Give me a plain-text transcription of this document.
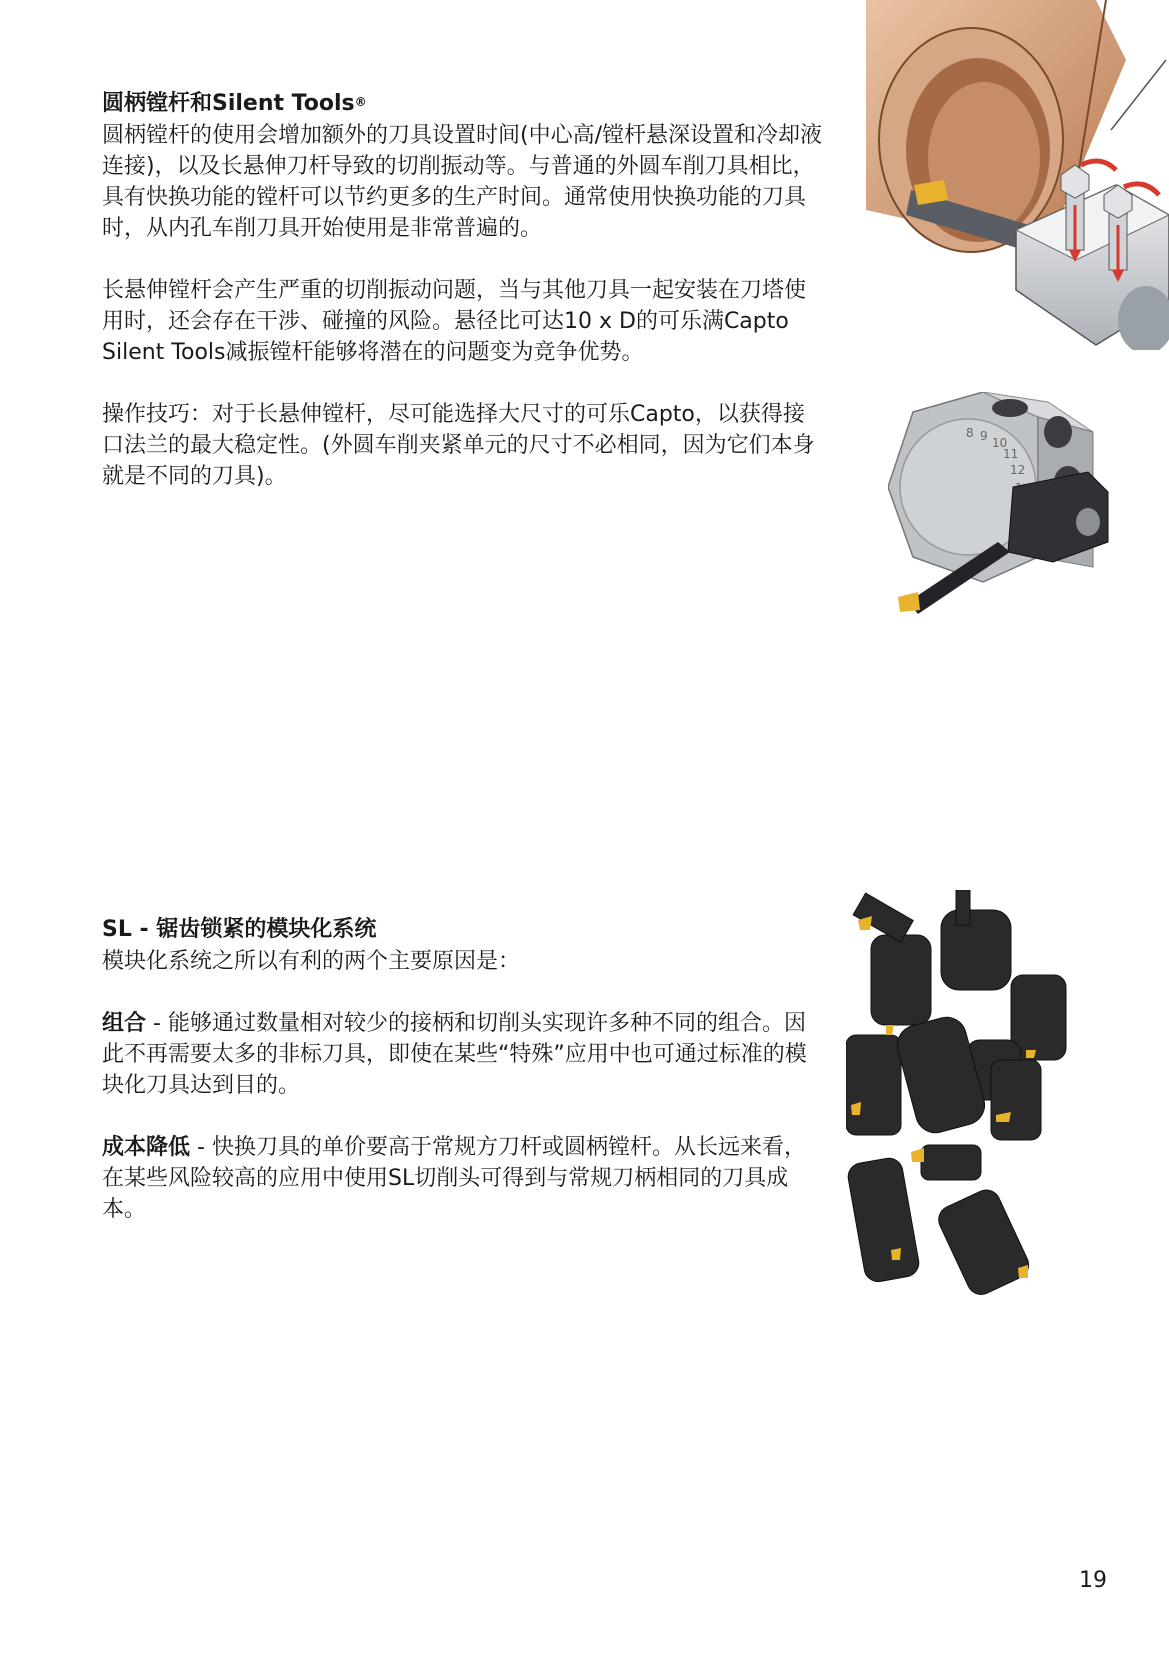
圆柄镗杆和Silent Tools®

圆柄镗杆的使用会增加额外的刀具设置时间(中心高/镗杆悬深设置和冷却液连接)，以及长悬伸刀杆导致的切削振动等。与普通的外圆车削刀具相比，具有快换功能的镗杆可以节约更多的生产时间。通常使用快换功能的刀具时，从内孔车削刀具开始使用是非常普遍的。

长悬伸镗杆会产生严重的切削振动问题，当与其他刀具一起安装在刀塔使用时，还会存在干涉、碰撞的风险。悬径比可达10 x D的可乐满Capto Silent Tools减振镗杆能够将潜在的问题变为竞争优势。

操作技巧：对于长悬伸镗杆，尽可能选择大尺寸的可乐Capto，以获得接口法兰的最大稳定性。(外圆车削夹紧单元的尺寸不必相同，因为它们本身就是不同的刀具)。

SL - 锯齿锁紧的模块化系统

模块化系统之所以有利的两个主要原因是：

组合 - 能够通过数量相对较少的接柄和切削头实现许多种不同的组合。因此不再需要太多的非标刀具，即使在某些“特殊”应用中也可通过标准的模块化刀具达到目的。

成本降低 - 快换刀具的单价要高于常规方刀杆或圆柄镗杆。从长远来看，在某些风险较高的应用中使用SL切削头可得到与常规刀柄相同的刀具成本。

8 9 10
11
12
19
